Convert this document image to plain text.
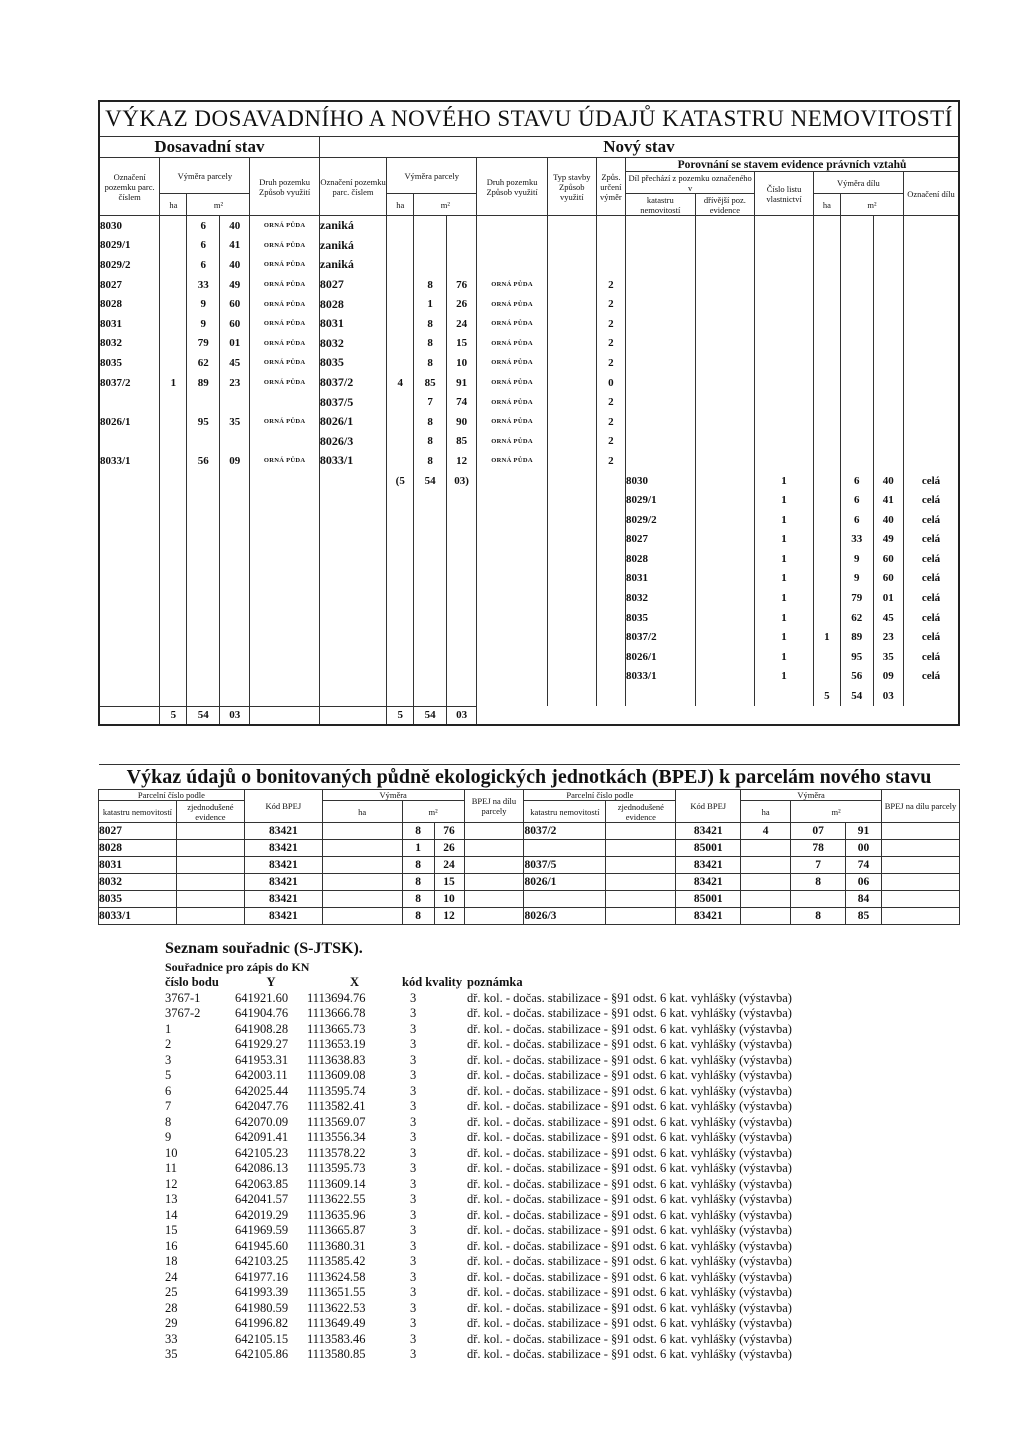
VÝKAZ DOSAVADNÍHO A NOVÉHO STAVU ÚDAJŮ KATASTRU NEMOVITOSTÍ																		
Dosavadní stav					Nový stav													
Označení pozemku parc. číslem	Výměra parcely			Druh pozemku Způsob využití	Označení pozemku parc. číslem	Výměra parcely			Druh pozemku Způsob využití	Typ stavby Způsob využití	Způs. určení výměr	Porovnání se stavem evidence právních vztahů						
												Díl přechází z pozemku označeného v		Číslo listu vlastnictví	Výměra dílu			Označení dílu
	ha	m²				ha	m²					katastru nemovitostí	dřívější poz. evidence		ha	m²		
8030		6	40	ORNÁ PŮDA	zaniká													
8029/1		6	41	ORNÁ PŮDA	zaniká													
8029/2		6	40	ORNÁ PŮDA	zaniká													
8027		33	49	ORNÁ PŮDA	8027		8	76	ORNÁ PŮDA		2							
8028		9	60	ORNÁ PŮDA	8028		1	26	ORNÁ PŮDA		2							
8031		9	60	ORNÁ PŮDA	8031		8	24	ORNÁ PŮDA		2							
8032		79	01	ORNÁ PŮDA	8032		8	15	ORNÁ PŮDA		2							
8035		62	45	ORNÁ PŮDA	8035		8	10	ORNÁ PŮDA		2							
8037/2	1	89	23	ORNÁ PŮDA	8037/2	4	85	91	ORNÁ PŮDA		0							
					8037/5		7	74	ORNÁ PŮDA		2							
8026/1		95	35	ORNÁ PŮDA	8026/1		8	90	ORNÁ PŮDA		2							
					8026/3		8	85	ORNÁ PŮDA		2							
8033/1		56	09	ORNÁ PŮDA	8033/1		8	12	ORNÁ PŮDA		2							
						(5	54	03)				8030		1		6	40	celá
												8029/1		1		6	41	celá
												8029/2		1		6	40	celá
												8027		1		33	49	celá
												8028		1		9	60	celá
												8031		1		9	60	celá
												8032		1		79	01	celá
												8035		1		62	45	celá
												8037/2		1	1	89	23	celá
												8026/1		1		95	35	celá
												8033/1		1		56	09	celá
															5	54	03	
	5	54	03			5	54	03										
Výkaz údajů o bonitovaných půdně ekologických jednotkách (BPEJ) k parcelám nového stavu													
Parcelní číslo podle		Kód BPEJ	Výměra			BPEJ na dílu parcely	Parcelní číslo podle		Kód BPEJ	Výměra			BPEJ na dílu parcely
katastru nemovitostí	zjednodušené evidence		ha	m²			katastru nemovitostí	zjednodušené evidence		ha	m²		
8027		83421		8	76		8037/2		83421	4	07	91	
8028		83421		1	26				85001		78	00	
8031		83421		8	24		8037/5		83421		7	74	
8032		83421		8	15		8026/1		83421		8	06	
8035		83421		8	10				85001			84	
8033/1		83421		8	12		8026/3		83421		8	85	
Seznam souřadnic (S-JTSK).
Souřadnice pro zápis do KN
číslo bodu	Y	X	kód kvality	poznámka
3767-1	641921.60	1113694.76	3	dř. kol. - dočas. stabilizace - §91 odst. 6 kat. vyhlášky (výstavba)
3767-2	641904.76	1113666.78	3	dř. kol. - dočas. stabilizace - §91 odst. 6 kat. vyhlášky (výstavba)
1	641908.28	1113665.73	3	dř. kol. - dočas. stabilizace - §91 odst. 6 kat. vyhlášky (výstavba)
2	641929.27	1113653.19	3	dř. kol. - dočas. stabilizace - §91 odst. 6 kat. vyhlášky (výstavba)
3	641953.31	1113638.83	3	dř. kol. - dočas. stabilizace - §91 odst. 6 kat. vyhlášky (výstavba)
5	642003.11	1113609.08	3	dř. kol. - dočas. stabilizace - §91 odst. 6 kat. vyhlášky (výstavba)
6	642025.44	1113595.74	3	dř. kol. - dočas. stabilizace - §91 odst. 6 kat. vyhlášky (výstavba)
7	642047.76	1113582.41	3	dř. kol. - dočas. stabilizace - §91 odst. 6 kat. vyhlášky (výstavba)
8	642070.09	1113569.07	3	dř. kol. - dočas. stabilizace - §91 odst. 6 kat. vyhlášky (výstavba)
9	642091.41	1113556.34	3	dř. kol. - dočas. stabilizace - §91 odst. 6 kat. vyhlášky (výstavba)
10	642105.23	1113578.22	3	dř. kol. - dočas. stabilizace - §91 odst. 6 kat. vyhlášky (výstavba)
11	642086.13	1113595.73	3	dř. kol. - dočas. stabilizace - §91 odst. 6 kat. vyhlášky (výstavba)
12	642063.85	1113609.14	3	dř. kol. - dočas. stabilizace - §91 odst. 6 kat. vyhlášky (výstavba)
13	642041.57	1113622.55	3	dř. kol. - dočas. stabilizace - §91 odst. 6 kat. vyhlášky (výstavba)
14	642019.29	1113635.96	3	dř. kol. - dočas. stabilizace - §91 odst. 6 kat. vyhlášky (výstavba)
15	641969.59	1113665.87	3	dř. kol. - dočas. stabilizace - §91 odst. 6 kat. vyhlášky (výstavba)
16	641945.60	1113680.31	3	dř. kol. - dočas. stabilizace - §91 odst. 6 kat. vyhlášky (výstavba)
18	642103.25	1113585.42	3	dř. kol. - dočas. stabilizace - §91 odst. 6 kat. vyhlášky (výstavba)
24	641977.16	1113624.58	3	dř. kol. - dočas. stabilizace - §91 odst. 6 kat. vyhlášky (výstavba)
25	641993.39	1113651.55	3	dř. kol. - dočas. stabilizace - §91 odst. 6 kat. vyhlášky (výstavba)
28	641980.59	1113622.53	3	dř. kol. - dočas. stabilizace - §91 odst. 6 kat. vyhlášky (výstavba)
29	641996.82	1113649.49	3	dř. kol. - dočas. stabilizace - §91 odst. 6 kat. vyhlášky (výstavba)
33	642105.15	1113583.46	3	dř. kol. - dočas. stabilizace - §91 odst. 6 kat. vyhlášky (výstavba)
35	642105.86	1113580.85	3	dř. kol. - dočas. stabilizace - §91 odst. 6 kat. vyhlášky (výstavba)
